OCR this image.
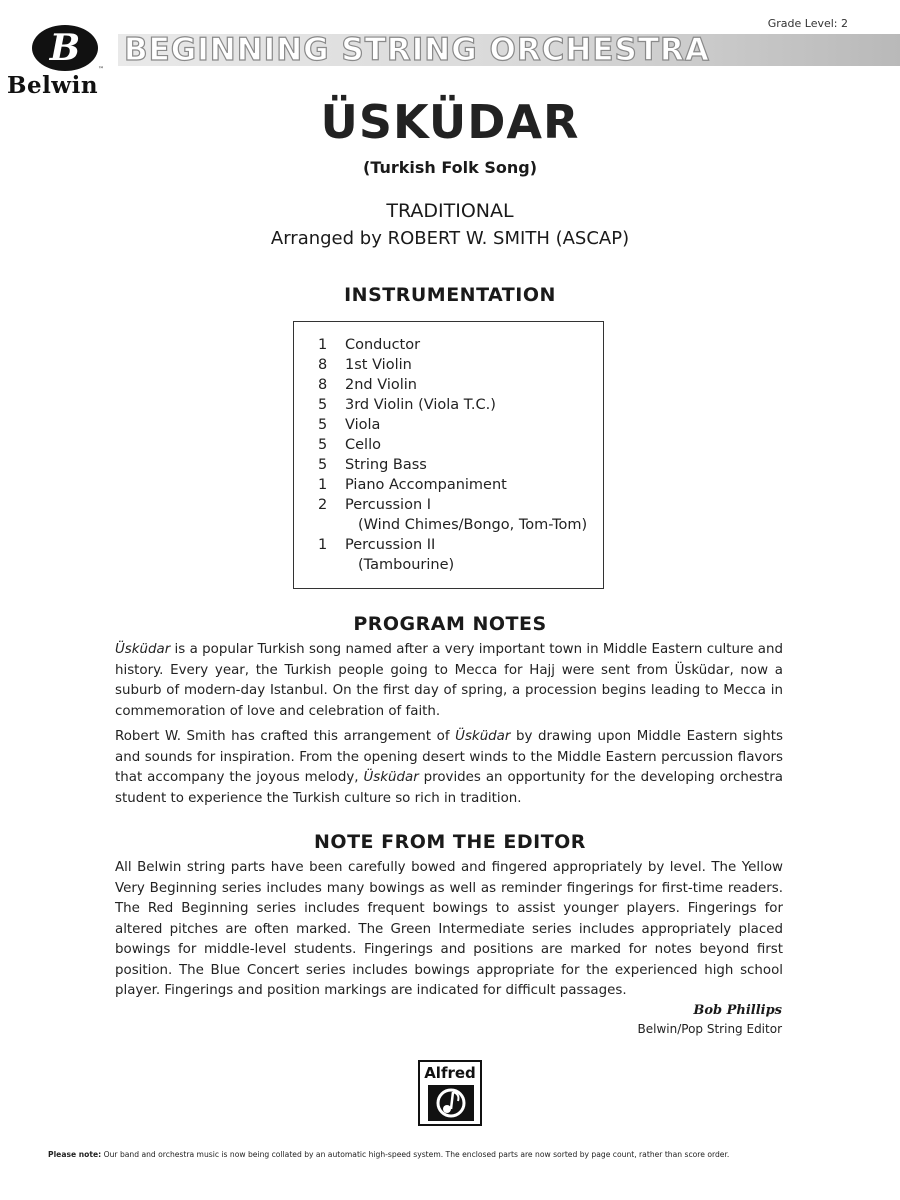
Grade Level: 2
BEGINNING STRING ORCHESTRA
B
™
Belwin
ÜSKÜDAR
(Turkish Folk Song)
TRADITIONAL
Arranged by ROBERT W. SMITH (ASCAP)
INSTRUMENTATION
1	Conductor
8	1st Violin
8	2nd Violin
5	3rd Violin (Viola T.C.)
5	Viola
5	Cello
5	String Bass
1	Piano Accompaniment
2	Percussion I
(Wind Chimes/Bongo, Tom-Tom)
1	Percussion II
(Tambourine)
PROGRAM NOTES
Üsküdar is a popular Turkish song named after a very important town in Middle Eastern culture and history. Every year, the Turkish people going to Mecca for Hajj were sent from Üsküdar, now a suburb of modern-day Istanbul. On the first day of spring, a procession begins leading to Mecca in commemoration of love and celebration of faith.
Robert W. Smith has crafted this arrangement of Üsküdar by drawing upon Middle Eastern sights and sounds for inspiration. From the opening desert winds to the Middle Eastern percussion flavors that accompany the joyous melody, Üsküdar provides an opportunity for the developing orchestra student to experience the Turkish culture so rich in tradition.
NOTE FROM THE EDITOR
All Belwin string parts have been carefully bowed and fingered appropriately by level. The Yellow Very Beginning series includes many bowings as well as reminder fingerings for first-time readers. The Red Beginning series includes frequent bowings to assist younger players. Fingerings for altered pitches are often marked. The Green Intermediate series includes appropriately placed bowings for middle-level students. Fingerings and positions are marked for notes beyond first position. The Blue Concert series includes bowings appropriate for the experienced high school player. Fingerings and position markings are indicated for difficult passages.
Bob Phillips
Belwin/Pop String Editor
Alfred
Please note: Our band and orchestra music is now being collated by an automatic high-speed system. The enclosed parts are now sorted by page count, rather than score order.
